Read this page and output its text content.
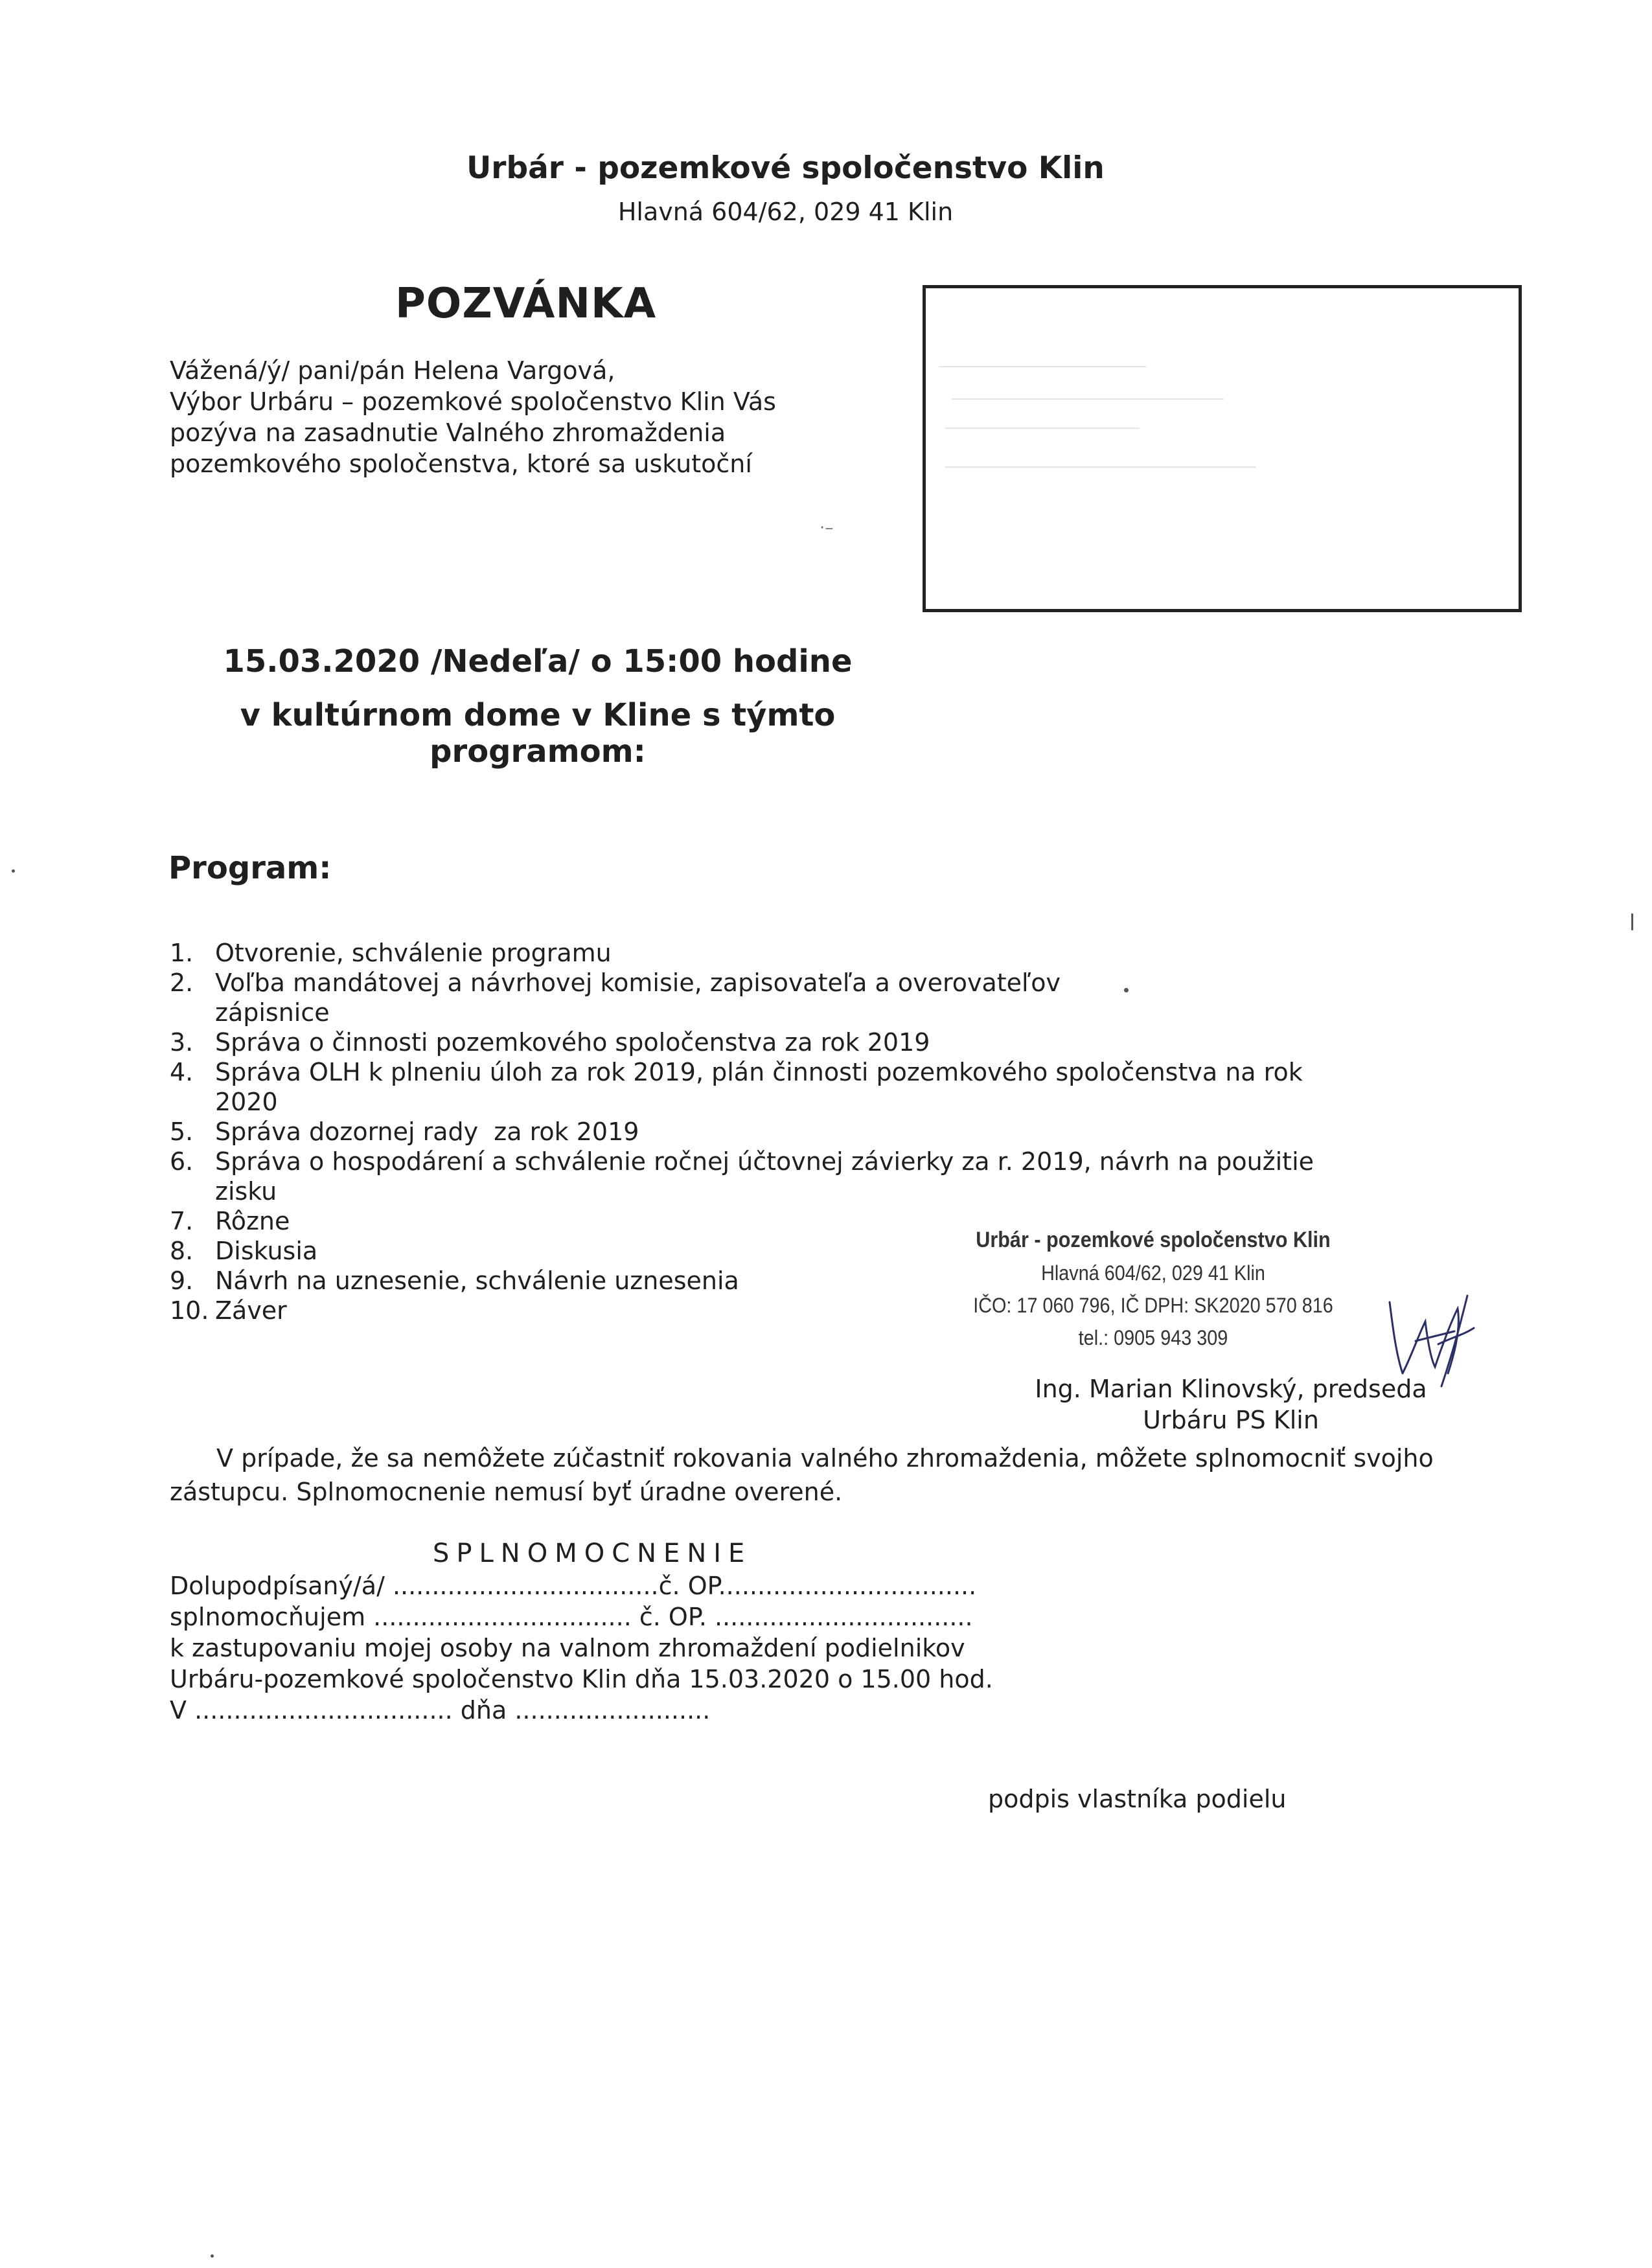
Urbár - pozemkové spoločenstvo Klin
Hlavná 604/62, 029 41 Klin
POZVÁNKA
Vážená/ý/ pani/pán Helena Vargová,
Výbor Urbáru – pozemkové spoločenstvo Klin Vás
pozýva na zasadnutie Valného zhromaždenia
pozemkového spoločenstva, ktoré sa uskutoční
⋅–
15.03.2020 /Nedeľa/ o 15:00 hodine
v kultúrnom dome v Kline s týmto
programom:
Program:
1. Otvorenie, schválenie programu
2. Voľba mandátovej a návrhovej komisie, zapisovateľa a overovateľov
zápisnice
3. Správa o činnosti pozemkového spoločenstva za rok 2019
4. Správa OLH k plneniu úloh za rok 2019, plán činnosti pozemkového spoločenstva na rok
2020
5. Správa dozornej rady  za rok 2019
6. Správa o hospodárení a schválenie ročnej účtovnej závierky za r. 2019, návrh na použitie
zisku
7. Rôzne
8. Diskusia
9. Návrh na uznesenie, schválenie uznesenia
10. Záver
Urbár - pozemkové spoločenstvo Klin
Hlavná 604/62, 029 41 Klin
IČO: 17 060 796, IČ DPH: SK2020 570 816
tel.: 0905 943 309
Ing. Marian Klinovský, predseda
Urbáru PS Klin
V prípade, že sa nemôžete zúčastniť rokovania valného zhromaždenia, môžete splnomocniť svojho
zástupcu. Splnomocnenie nemusí byť úradne overené.
SPLNOMOCNENIE
Dolupodpísaný/á/ ..................................č. OP.................................
splnomocňujem ................................. č. OP. .................................
k zastupovaniu mojej osoby na valnom zhromaždení podielnikov
Urbáru-pozemkové spoločenstvo Klin dňa 15.03.2020 o 15.00 hod.
V ................................. dňa .........................
podpis vlastníka podielu
